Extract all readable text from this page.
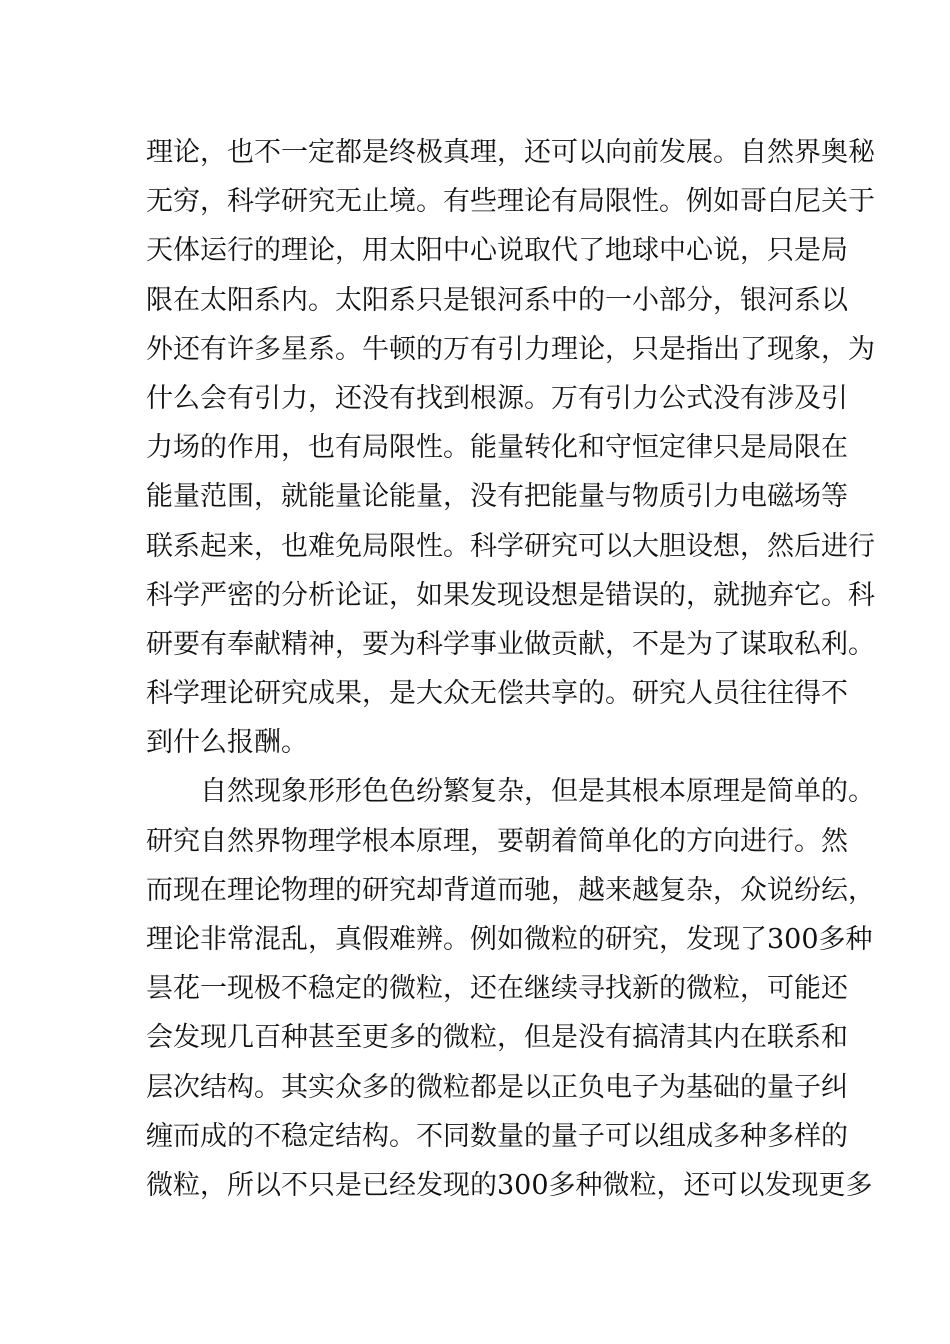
理论，也不一定都是终极真理，还可以向前发展。自然界奥秘
无穷，科学研究无止境。有些理论有局限性。例如哥白尼关于
天体运行的理论，用太阳中心说取代了地球中心说，只是局
限在太阳系内。太阳系只是银河系中的一小部分，银河系以
外还有许多星系。牛顿的万有引力理论，只是指出了现象，为
什么会有引力，还没有找到根源。万有引力公式没有涉及引
力场的作用，也有局限性。能量转化和守恒定律只是局限在
能量范围，就能量论能量，没有把能量与物质引力电磁场等
联系起来，也难免局限性。科学研究可以大胆设想，然后进行
科学严密的分析论证，如果发现设想是错误的，就抛弃它。科
研要有奉献精神，要为科学事业做贡献，不是为了谋取私利。
科学理论研究成果，是大众无偿共享的。研究人员往往得不
到什么报酬。
自然现象形形色色纷繁复杂，但是其根本原理是简单的。
研究自然界物理学根本原理，要朝着简单化的方向进行。然
而现在理论物理的研究却背道而驰，越来越复杂，众说纷纭，
理论非常混乱，真假难辨。例如微粒的研究，发现了300多种
昙花一现极不稳定的微粒，还在继续寻找新的微粒，可能还
会发现几百种甚至更多的微粒，但是没有搞清其内在联系和
层次结构。其实众多的微粒都是以正负电子为基础的量子纠
缠而成的不稳定结构。不同数量的量子可以组成多种多样的
微粒，所以不只是已经发现的300多种微粒，还可以发现更多
